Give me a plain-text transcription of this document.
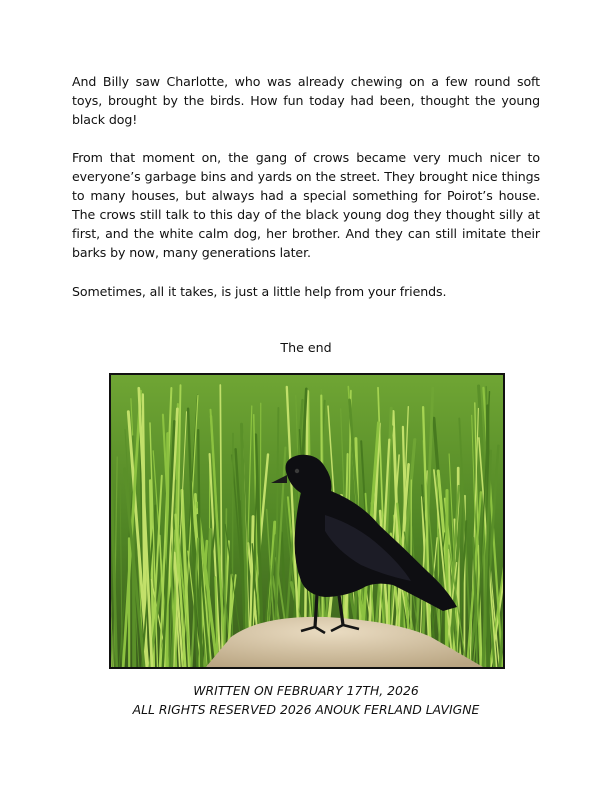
And Billy saw Charlotte, who was already chewing on a few round soft toys, brought by the birds. How fun today had been, thought the young black dog!

From that moment on, the gang of crows became very much nicer to everyone’s garbage bins and yards on the street. They brought nice things to many houses, but always had a special something for Poirot’s house. The crows still talk to this day of the black young dog they thought silly at first, and the white calm dog, her brother. And they can still imitate their barks by now, many generations later.

Sometimes, all it takes, is just a little help from your friends.

The end
WRITTEN ON FEBRUARY 17TH, 2026
ALL RIGHTS RESERVED 2026 ANOUK FERLAND LAVIGNE
